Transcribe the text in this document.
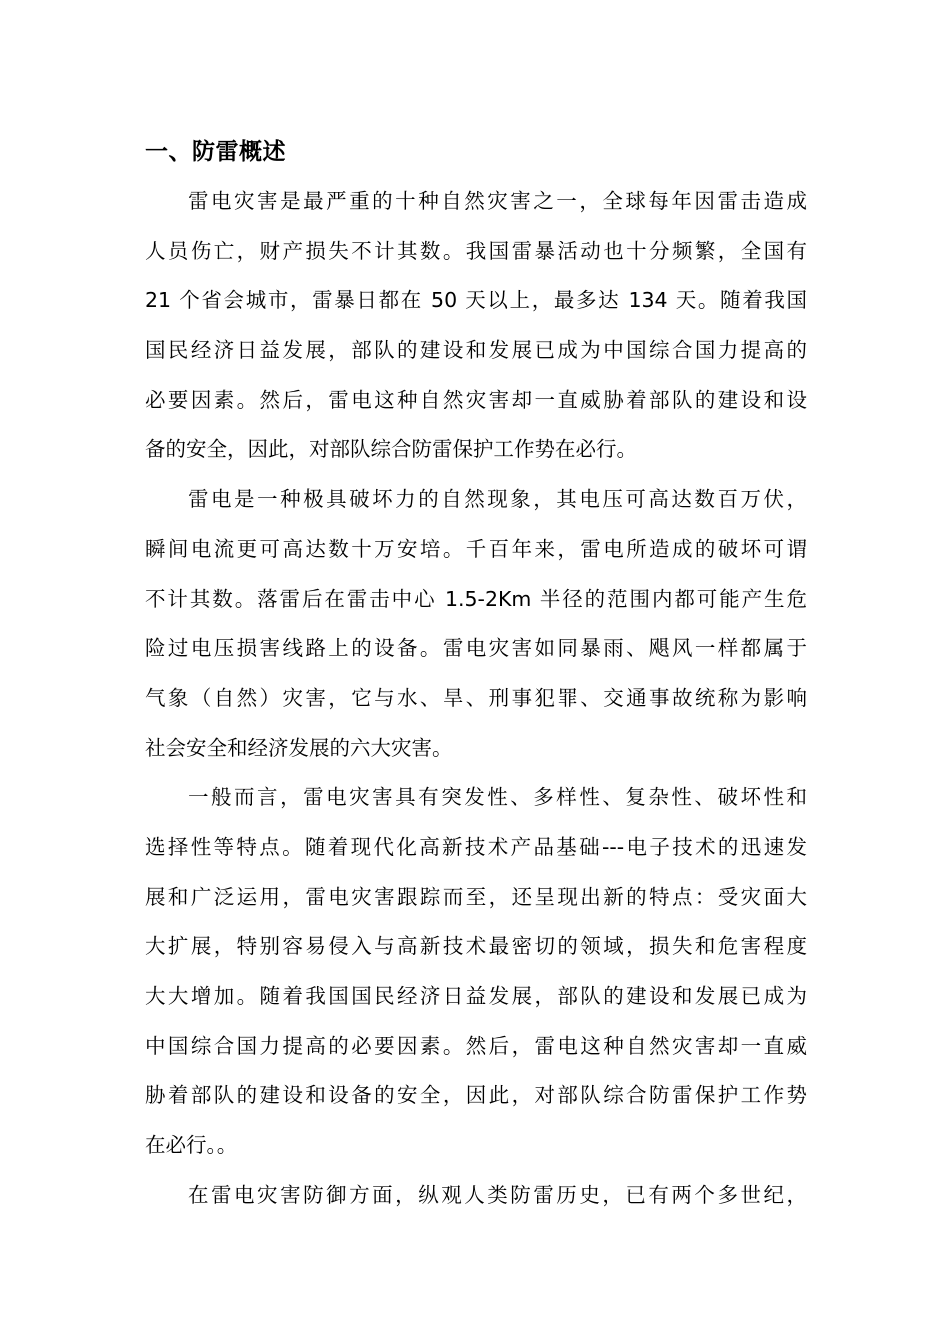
一、防雷概述
雷电灾害是最严重的十种自然灾害之一，全球每年因雷击造成
人员伤亡，财产损失不计其数。我国雷暴活动也十分频繁，全国有
21 个省会城市，雷暴日都在 50 天以上，最多达 134 天。随着我国
国民经济日益发展，部队的建设和发展已成为中国综合国力提高的
必要因素。然后，雷电这种自然灾害却一直威胁着部队的建设和设
备的安全，因此，对部队综合防雷保护工作势在必行。
雷电是一种极具破坏力的自然现象，其电压可高达数百万伏，
瞬间电流更可高达数十万安培。千百年来，雷电所造成的破坏可谓
不计其数。落雷后在雷击中心 1.5-2Km 半径的范围内都可能产生危
险过电压损害线路上的设备。雷电灾害如同暴雨、飓风一样都属于
气象（自然）灾害，它与水、旱、刑事犯罪、交通事故统称为影响
社会安全和经济发展的六大灾害。
一般而言，雷电灾害具有突发性、多样性、复杂性、破坏性和
选择性等特点。随着现代化高新技术产品基础---电子技术的迅速发
展和广泛运用，雷电灾害跟踪而至，还呈现出新的特点：受灾面大
大扩展，特别容易侵入与高新技术最密切的领域，损失和危害程度
大大增加。随着我国国民经济日益发展，部队的建设和发展已成为
中国综合国力提高的必要因素。然后，雷电这种自然灾害却一直威
胁着部队的建设和设备的安全，因此，对部队综合防雷保护工作势
在必行。。
在雷电灾害防御方面，纵观人类防雷历史，已有两个多世纪，
